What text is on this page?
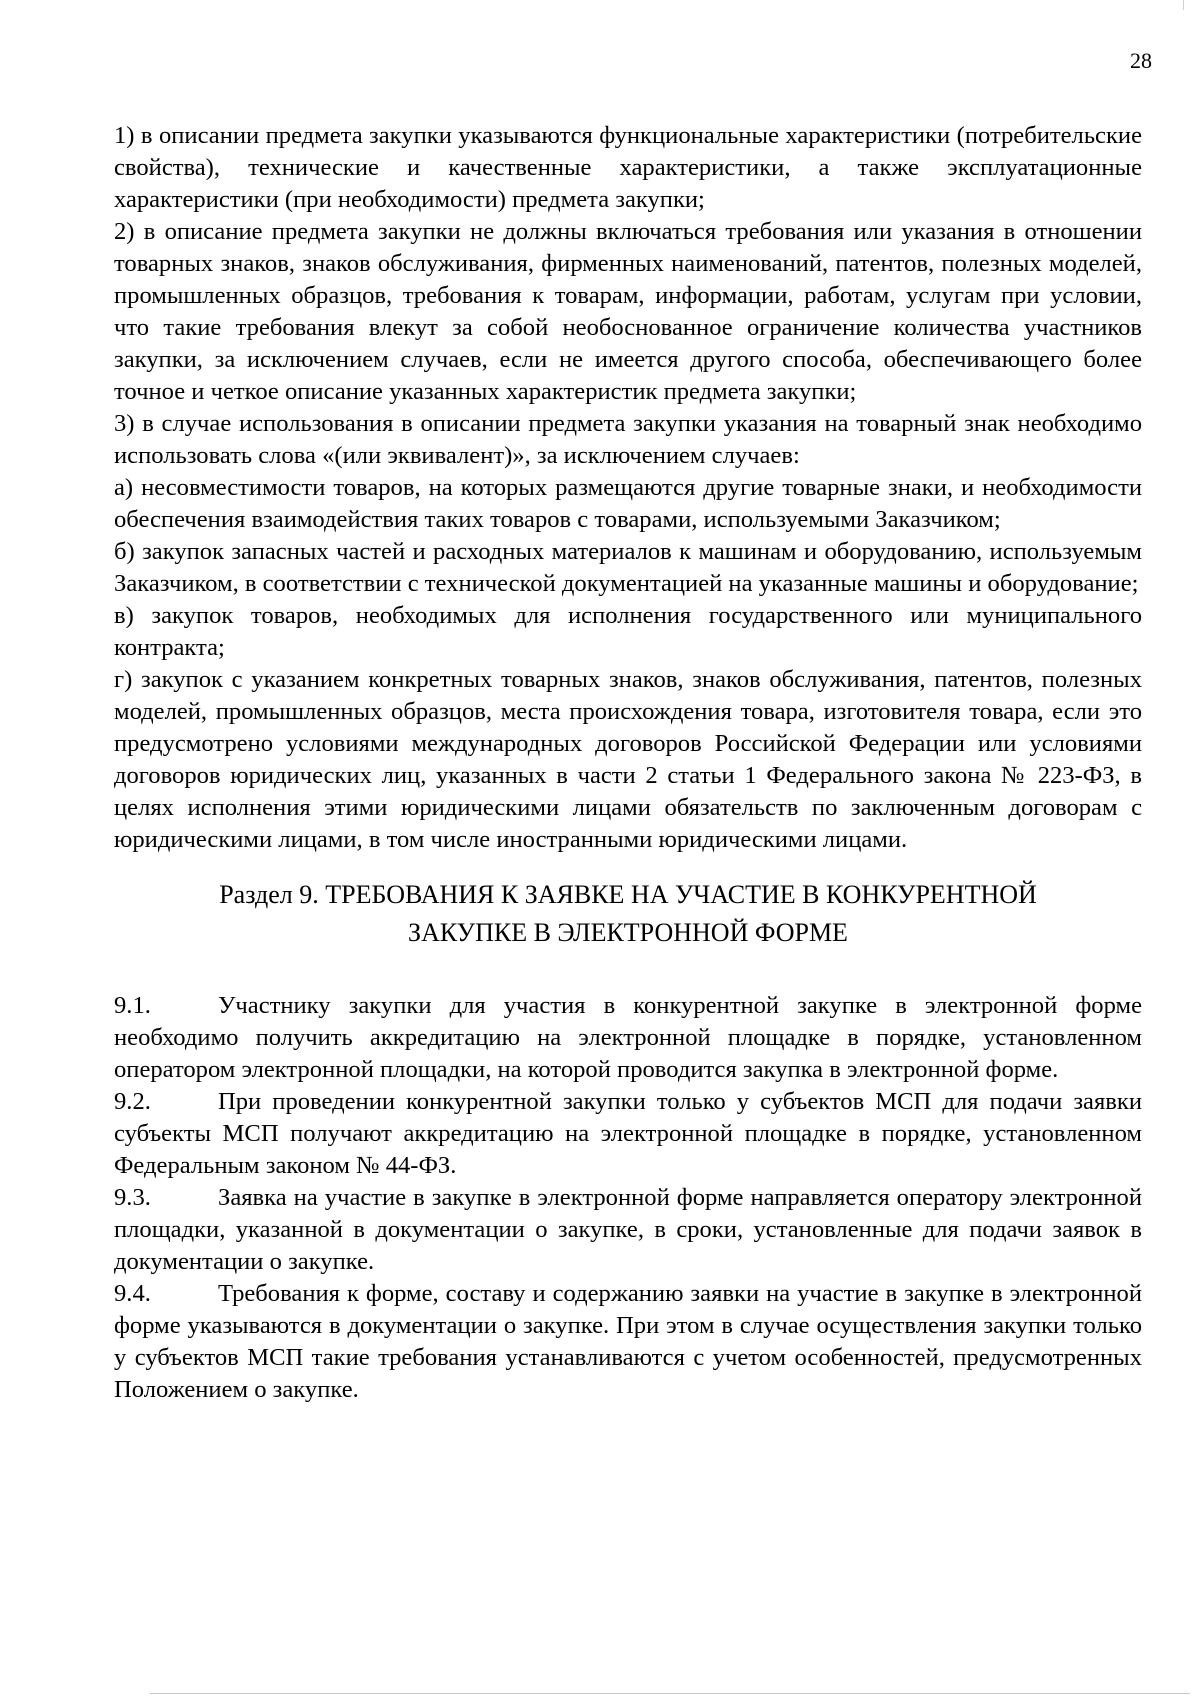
28

1) в описании предмета закупки указываются функциональные характеристики (потребительские свойства), технические и качественные характеристики, а также эксплуатационные характеристики (при необходимости) предмета закупки;

2) в описание предмета закупки не должны включаться требования или указания в отношении товарных знаков, знаков обслуживания, фирменных наименований, патентов, полезных моделей, промышленных образцов, требования к товарам, информации, работам, услугам при условии, что такие требования влекут за собой необоснованное ограничение количества участников закупки, за исключением случаев, если не имеется другого способа, обеспечивающего более точное и четкое описание указанных характеристик предмета закупки;

3) в случае использования в описании предмета закупки указания на товарный знак необходимо использовать слова «(или эквивалент)», за исключением случаев:

а) несовместимости товаров, на которых размещаются другие товарные знаки, и необходимости обеспечения взаимодействия таких товаров с товарами, используемыми Заказчиком;

б) закупок запасных частей и расходных материалов к машинам и оборудованию, используемым Заказчиком, в соответствии с технической документацией на указанные машины и оборудование;

в) закупок товаров, необходимых для исполнения государственного или муниципального контракта;

г) закупок с указанием конкретных товарных знаков, знаков обслуживания, патентов, полезных моделей, промышленных образцов, места происхождения товара, изготовителя товара, если это предусмотрено условиями международных договоров Российской Федерации или условиями договоров юридических лиц, указанных в части 2 статьи 1 Федерального закона № 223-ФЗ, в целях исполнения этими юридическими лицами обязательств по заключенным договорам с юридическими лицами, в том числе иностранными юридическими лицами.

Раздел 9. ТРЕБОВАНИЯ К ЗАЯВКЕ НА УЧАСТИЕ В КОНКУРЕНТНОЙ
ЗАКУПКЕ В ЭЛЕКТРОННОЙ ФОРМЕ

9.1.	Участнику закупки для участия в конкурентной закупке в электронной форме необходимо получить аккредитацию на электронной площадке в порядке, установленном оператором электронной площадки, на которой проводится закупка в электронной форме.

9.2.	При проведении конкурентной закупки только у субъектов МСП для подачи заявки субъекты МСП получают аккредитацию на электронной площадке в порядке, установленном Федеральным законом № 44-ФЗ.

9.3.	Заявка на участие в закупке в электронной форме направляется оператору электронной площадки, указанной в документации о закупке, в сроки, установленные для подачи заявок в документации о закупке.

9.4.	Требования к форме, составу и содержанию заявки на участие в закупке в электронной форме указываются в документации о закупке. При этом в случае осуществления закупки только у субъектов МСП такие требования устанавливаются с учетом особенностей, предусмотренных Положением о закупке.
